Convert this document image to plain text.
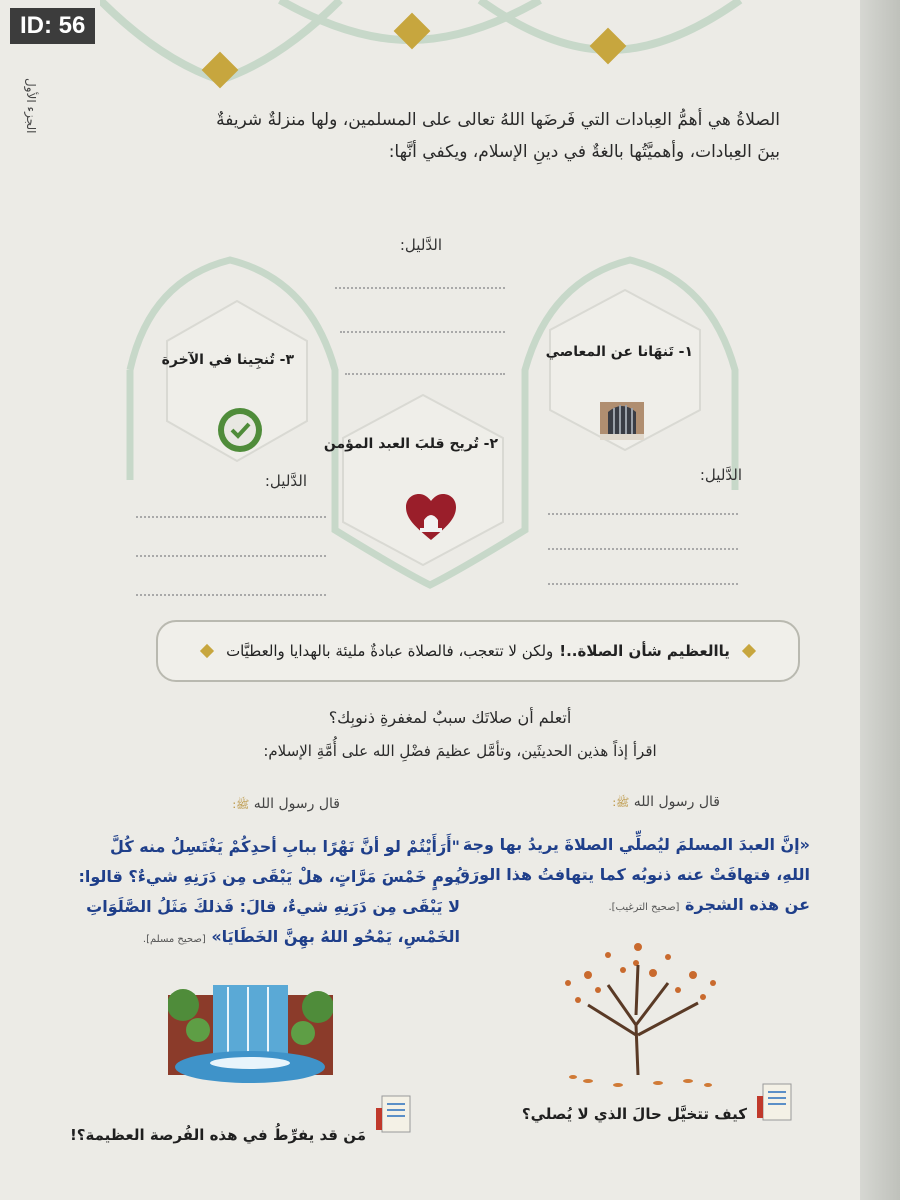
ID: 56
الجزء الأول	الصلاةُ هي أهمُّ العِبادات التي فَرضَها اللهُ تعالى على المسلمين، ولها منزلةٌ شريفةٌ
بينَ العِبادات، وأهميَّتُها بالغةٌ في دينِ الإسلام، ويكفي أنَّها:
الدَّليل:
١- تَنهَانا عن المعاصي
الدَّليل:
٢- تُريح قلبَ العبد المؤمن
٣- تُنجِينا في الآخرة
الدَّليل:
ياالعظيم شأن الصلاة..!
ولكن لا تتعجب، فالصلاة عبادةٌ مليئة بالهدايا والعطيَّات
أتعلم أن صلاتَك سببٌ لمغفرةِ ذنوبِك؟
اقرأ إذاً هذين الحديثَين، وتأمَّل عظيمَ فضْلِ الله على أُمَّةِ الإسلام:
قال رسول الله ﷺ:
«إنَّ العبدَ المسلمَ ليُصلِّي الصلاةَ يريدُ بها وجهَ
اللهِ، فتهافَتْ عنه ذنوبُه كما يتهافتُ هذا الورَقُ
عن هذه الشجرة [صحيح الترغيب].
قال رسول الله ﷺ:
"أَرَأَيْتُمْ لو أنَّ نَهْرًا ببابِ أحدِكُمْ يَغْتَسِلُ منه كُلَّ
يومٍ خَمْسَ مَرَّاتٍ، هلْ يَبْقَى مِن دَرَنِهِ شيءٌ؟ قالوا:
لا يَبْقَى مِن دَرَنِهِ شيءٌ، قالَ: فَذلكَ مَثَلُ الصَّلَوَاتِ
الخَمْسِ، يَمْحُو اللهُ بهِنَّ الخَطَايَا» [صحيح مسلم].
كيف تتخيَّل حالَ الذي لا يُصلي؟
مَن قد يفرِّطُ في هذه الفُرصة العظيمة؟!
